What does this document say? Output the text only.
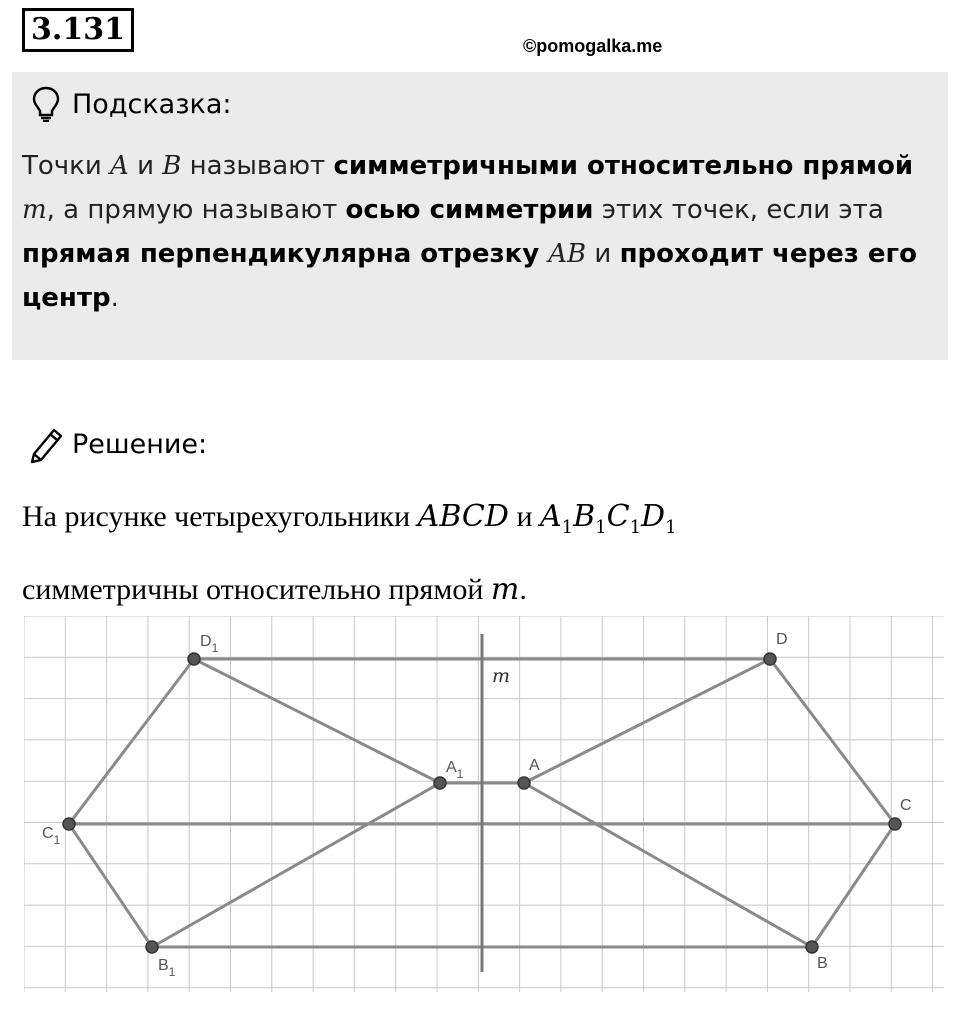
3.131	©pomogalka.me
Подсказка:
Точки A и B называют симметричными относительно прямой m, а прямую называют осью симметрии этих точек, если эта прямая перпендикулярна отрезку AB и проходит через его центр.
Решение:
На рисунке четырехугольники ABCD и $A_1B_1C_1D_1$
симметричны относительно прямой m.
m
$D_1$
$A_1$
$C_1$
$B_1$
A
D
C
B
